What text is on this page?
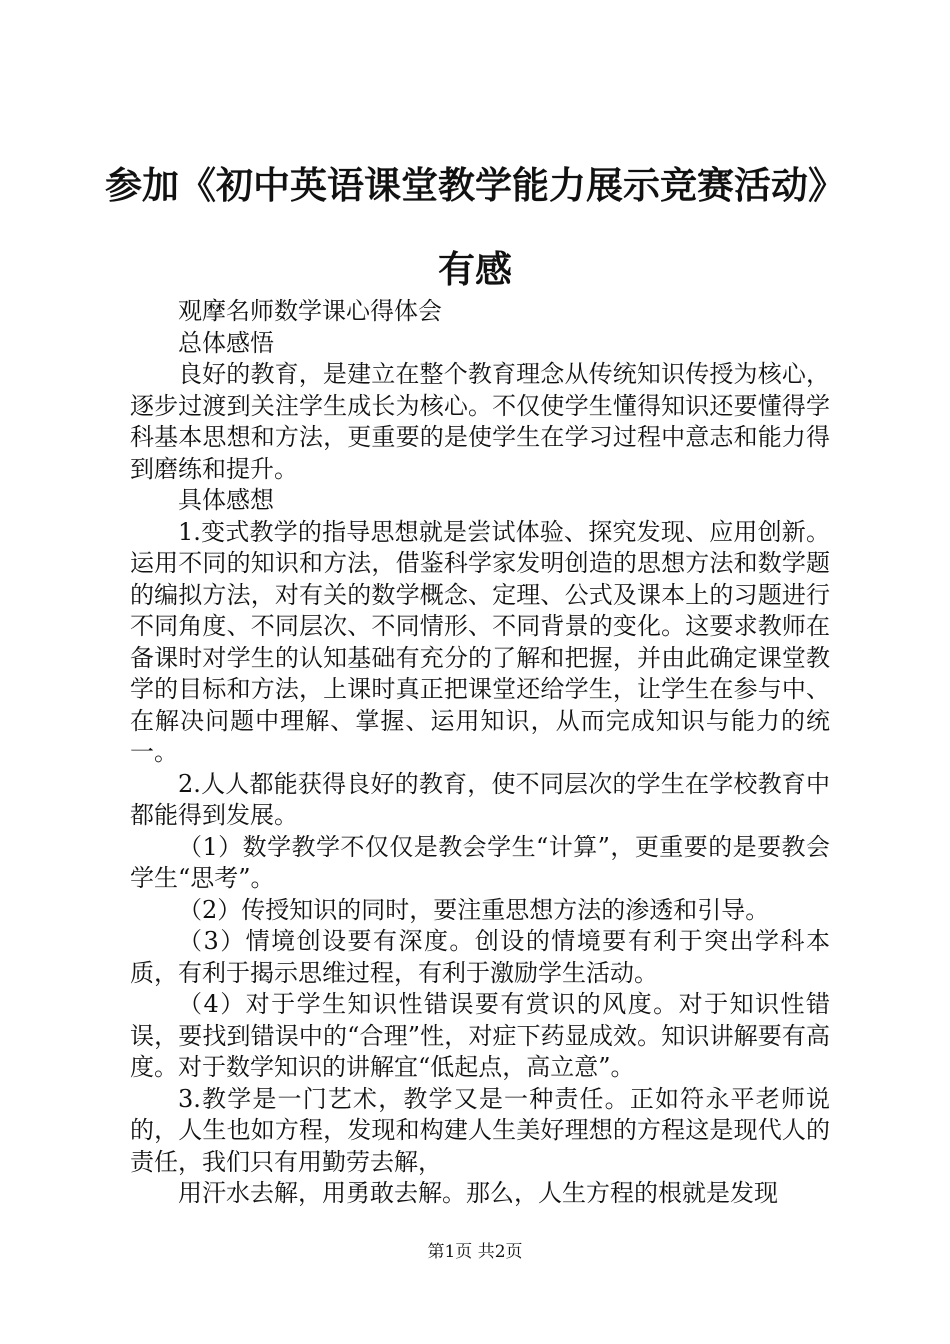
参加《初中英语课堂教学能力展示竞赛活动》
有感

观摩名师数学课心得体会

总体感悟

良好的教育，是建立在整个教育理念从传统知识传授为核心，逐步过渡到关注学生成长为核心。不仅使学生懂得知识还要懂得学科基本思想和方法，更重要的是使学生在学习过程中意志和能力得到磨练和提升。

具体感想

1.变式教学的指导思想就是尝试体验、探究发现、应用创新。运用不同的知识和方法，借鉴科学家发明创造的思想方法和数学题的编拟方法，对有关的数学概念、定理、公式及课本上的习题进行不同角度、不同层次、不同情形、不同背景的变化。这要求教师在备课时对学生的认知基础有充分的了解和把握，并由此确定课堂教学的目标和方法，上课时真正把课堂还给学生，让学生在参与中、在解决问题中理解、掌握、运用知识，从而完成知识与能力的统一。

2.人人都能获得良好的教育，使不同层次的学生在学校教育中都能得到发展。

（1）数学教学不仅仅是教会学生“计算”，更重要的是要教会学生“思考”。

（2）传授知识的同时，要注重思想方法的渗透和引导。

（3）情境创设要有深度。创设的情境要有利于突出学科本质，有利于揭示思维过程，有利于激励学生活动。

（4）对于学生知识性错误要有赏识的风度。对于知识性错误，要找到错误中的“合理”性，对症下药显成效。知识讲解要有高度。对于数学知识的讲解宜“低起点，高立意”。

3.教学是一门艺术，教学又是一种责任。正如符永平老师说的，人生也如方程，发现和构建人生美好理想的方程这是现代人的责任，我们只有用勤劳去解，

用汗水去解，用勇敢去解。那么，人生方程的根就是发现

第1页 共2页
